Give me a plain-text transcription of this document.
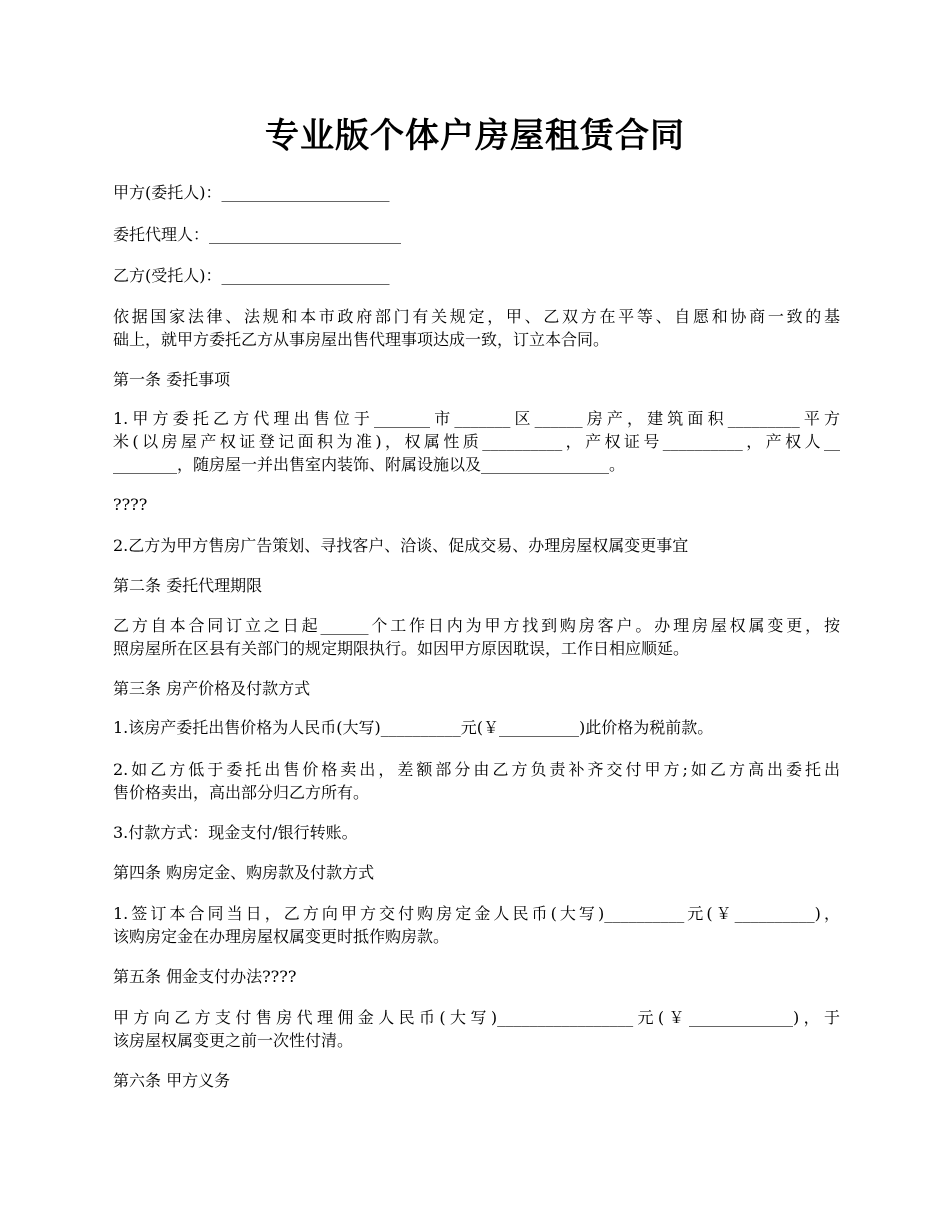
专业版个体户房屋租赁合同
甲方(委托人)：_____________________
委托代理人：________________________
乙方(受托人)：_____________________
依据国家法律、法规和本市政府部门有关规定，甲、乙双方在平等、自愿和协商一致的基
础上，就甲方委托乙方从事房屋出售代理事项达成一致，订立本合同。
第一条 委托事项
1.甲方委托乙方代理出售位于_______市_______区______房产，建筑面积_________平方
米(以房屋产权证登记面积为准)，权属性质__________，产权证号__________，产权人__
________，随房屋一并出售室内装饰、附属设施以及________________。
????
2.乙方为甲方售房广告策划、寻找客户、洽谈、促成交易、办理房屋权属变更事宜
第二条 委托代理期限
乙方自本合同订立之日起______个工作日内为甲方找到购房客户。办理房屋权属变更，按
照房屋所在区县有关部门的规定期限执行。如因甲方原因耽误，工作日相应顺延。
第三条 房产价格及付款方式
1.该房产委托出售价格为人民币(大写)__________元(￥__________)此价格为税前款。
2.如乙方低于委托出售价格卖出，差额部分由乙方负责补齐交付甲方;如乙方高出委托出
售价格卖出，高出部分归乙方所有。
3.付款方式：现金支付/银行转账。
第四条 购房定金、购房款及付款方式
1.签订本合同当日，乙方向甲方交付购房定金人民币(大写)__________元(￥__________)，
该购房定金在办理房屋权属变更时抵作购房款。
第五条 佣金支付办法????
甲方向乙方支付售房代理佣金人民币(大写)_________________元(￥_____________)，于
该房屋权属变更之前一次性付清。
第六条 甲方义务
